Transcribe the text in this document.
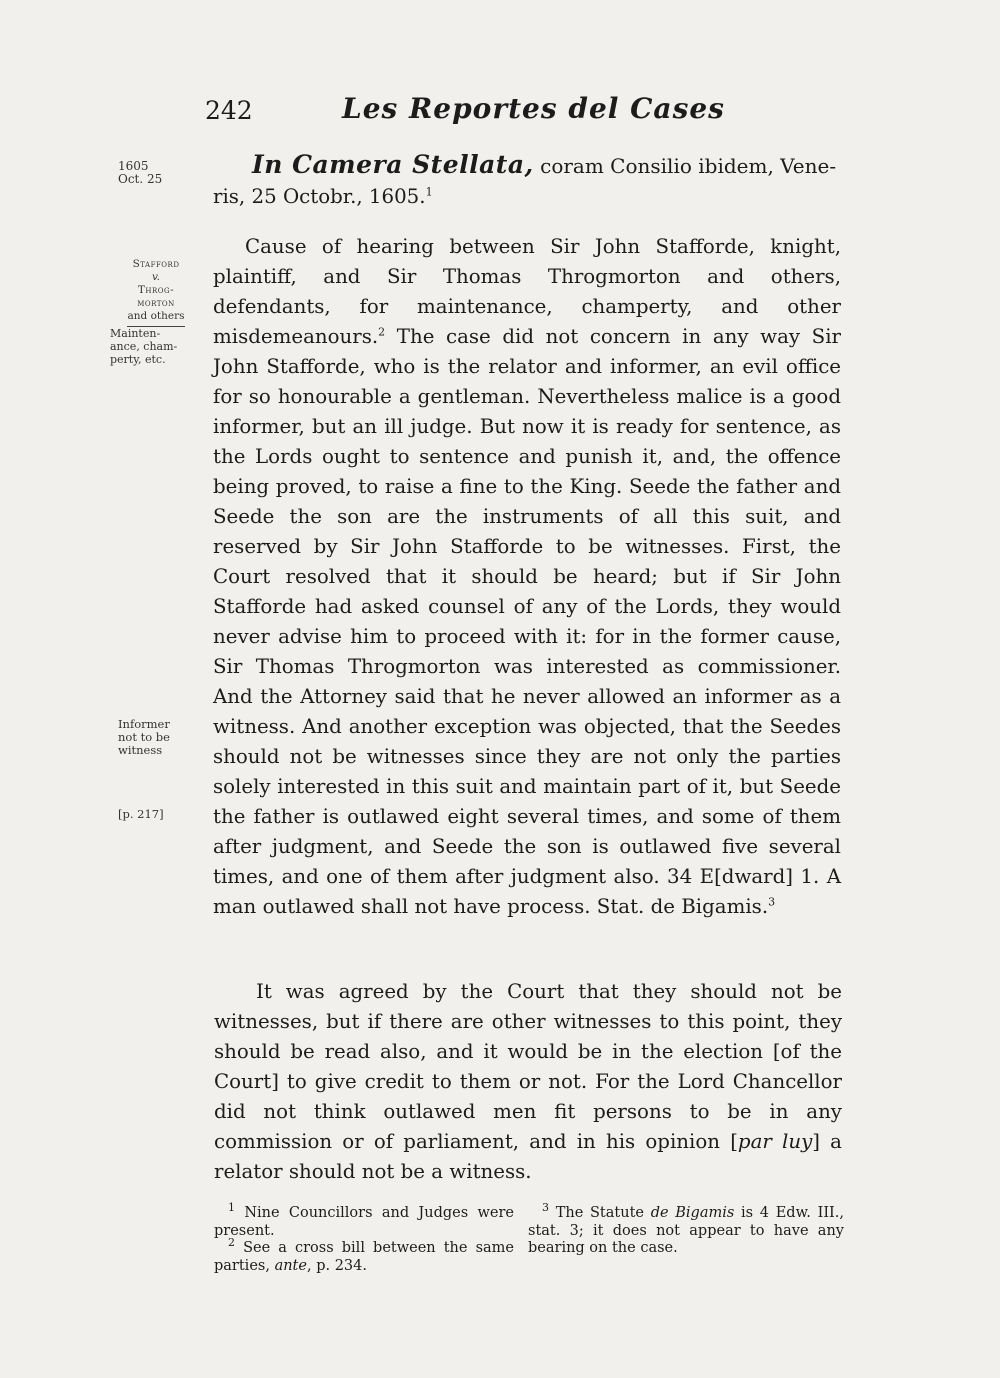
242	Les Reportes del Cases
1605
Oct. 25
Stafford
v.
Throg-
morton
and others
Mainten-
ance, cham-
perty, etc.
Informer
not to be
witness
[p. 217]
In Camera Stellata, coram Consilio ibidem, Vene-
ris, 25 Octobr., 1605.$^1$
Cause of hearing between Sir John Stafforde, knight, plaintiff, and Sir Thomas Throgmorton and others, defendants, for maintenance, champerty, and other misdemeanours.$^2$ The case did not concern in any way Sir John Stafforde, who is the relator and informer, an evil office for so honourable a gentleman. Nevertheless malice is a good informer, but an ill judge. But now it is ready for sentence, as the Lords ought to sentence and punish it, and, the offence being proved, to raise a fine to the King. Seede the father and Seede the son are the instruments of all this suit, and reserved by Sir John Stafforde to be witnesses. First, the Court resolved that it should be heard; but if Sir John Stafforde had asked counsel of any of the Lords, they would never advise him to proceed with it: for in the former cause, Sir Thomas Throgmorton was interested as commissioner. And the Attorney said that he never allowed an informer as a witness. And another exception was objected, that the Seedes should not be witnesses since they are not only the parties solely interested in this suit and maintain part of it, but Seede the father is outlawed eight several times, and some of them after judgment, and Seede the son is outlawed five several times, and one of them after judgment also. 34 E[dward] 1. A man outlawed shall not have process. Stat. de Bigamis.$^3$
It was agreed by the Court that they should not be witnesses, but if there are other witnesses to this point, they should be read also, and it would be in the election [of the Court] to give credit to them or not. For the Lord Chancellor did not think outlawed men fit persons to be in any commission or of parliament, and in his opinion [par luy] a relator should not be a witness.

$^1$ Nine Councillors and Judges were present.

$^2$ See a cross bill between the same parties, ante, p. 234.

$^3$ The Statute de Bigamis is 4 Edw. III., stat. 3; it does not appear to have any bearing on the case.
